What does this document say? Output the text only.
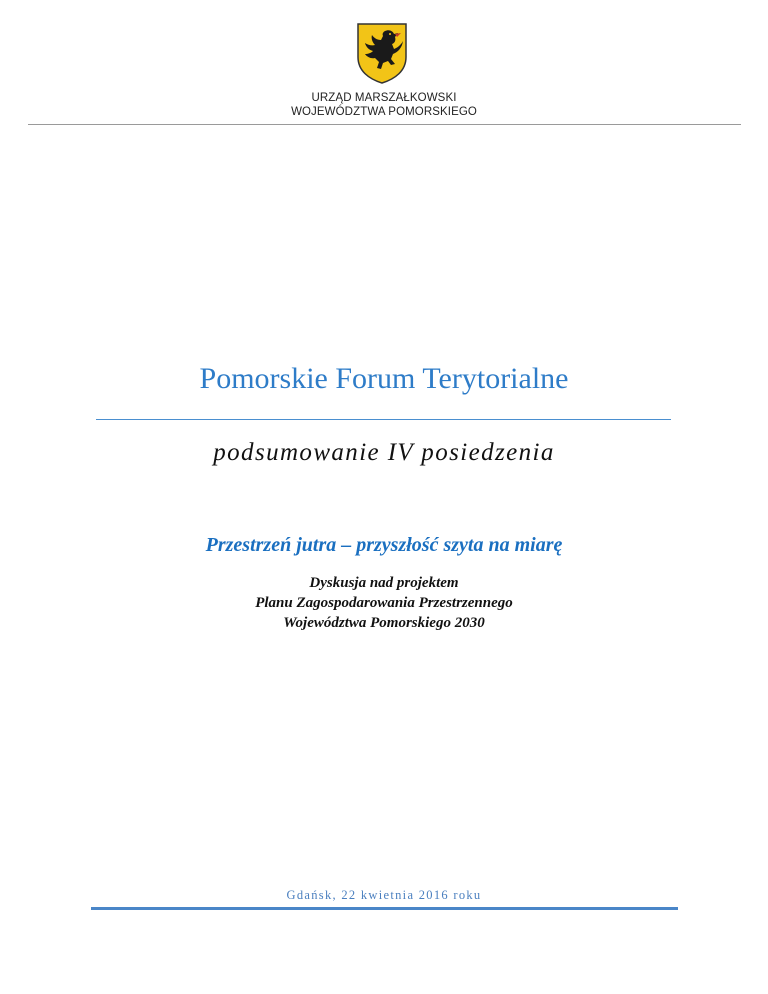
URZĄD MARSZAŁKOWSKI
WOJEWÓDZTWA POMORSKIEGO
Pomorskie Forum Terytorialne
podsumowanie IV posiedzenia
Przestrzeń jutra – przyszłość szyta na miarę
Dyskusja nad projektem
Planu Zagospodarowania Przestrzennego
Województwa Pomorskiego 2030
Gdańsk, 22 kwietnia 2016 roku
